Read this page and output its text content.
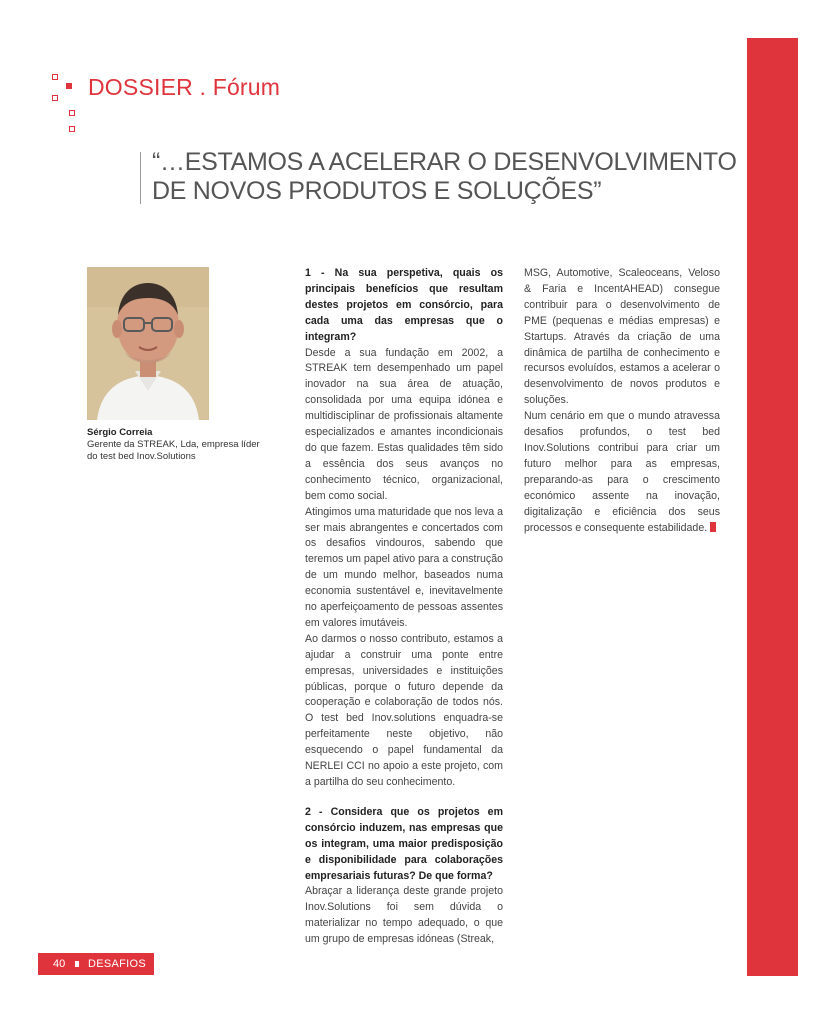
DOSSIER . Fórum
“…ESTAMOS A ACELERAR O DESENVOLVIMENTO
DE NOVOS PRODUTOS E SOLUÇÕES”
Sérgio Correia
Gerente da STREAK, Lda, empresa líder do test bed Inov.Solutions

1 - Na sua perspetiva, quais os principais benefícios que resultam destes projetos em consórcio, para cada uma das empresas que o integram?

Desde a sua fundação em 2002, a STREAK tem desempenhado um papel inovador na sua área de atuação, consolidada por uma equipa idónea e multidisciplinar de profissionais altamente especializados e amantes incondicionais do que fazem. Estas qualidades têm sido a essência dos seus avanços no conhecimento técnico, organizacional, bem como social.

Atingimos uma maturidade que nos leva a ser mais abrangentes e concertados com os desafios vindouros, sabendo que teremos um papel ativo para a construção de um mundo melhor, baseados numa economia sustentável e, inevitavelmente no aperfeiçoamento de pessoas assentes em valores imutáveis.

Ao darmos o nosso contributo, estamos a ajudar a construir uma ponte entre empresas, universidades e instituições públicas, porque o futuro depende da cooperação e colaboração de todos nós. O test bed Inov.solutions enquadra-se perfeitamente neste objetivo, não esquecendo o papel fundamental da NERLEI CCI no apoio a este projeto, com a partilha do seu conhecimento.

2 - Considera que os projetos em consórcio induzem, nas empresas que os integram, uma maior predisposição e disponibilidade para colaborações empresariais futuras? De que forma?

Abraçar a liderança deste grande projeto Inov.Solutions foi sem dúvida o materializar no tempo adequado, o que um grupo de empresas idóneas (Streak,

MSG, Automotive, Scaleoceans, Veloso & Faria e IncentAHEAD) consegue contribuir para o desenvolvimento de PME (pequenas e médias empresas) e Startups. Através da criação de uma dinâmica de partilha de conhecimento e recursos evoluídos, estamos a acelerar o desenvolvimento de novos produtos e soluções.

Num cenário em que o mundo atravessa desafios profundos, o test bed Inov.Solutions contribui para criar um futuro melhor para as empresas, preparando-as para o crescimento económico assente na inovação, digitalização e eficiência dos seus processos e consequente estabilidade.

40 DESAFIOS
